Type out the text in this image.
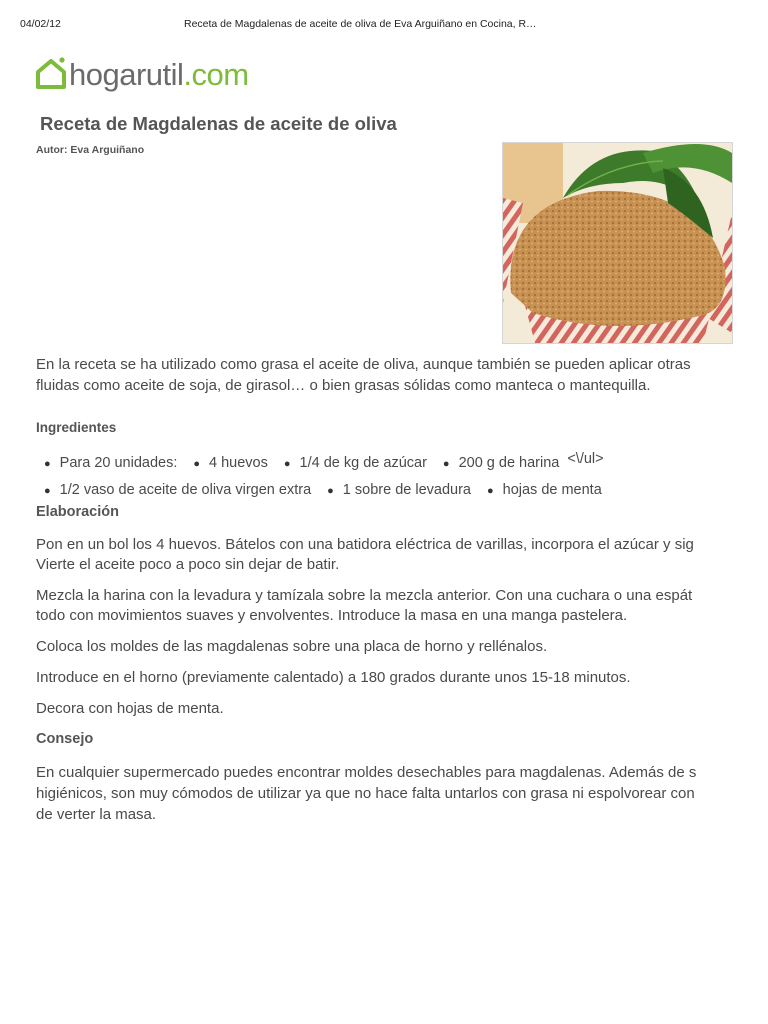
04/02/12	Receta de Magdalenas de aceite de oliva de Eva Arguiñano en Cocina, R…
hogarutil.com
Receta de Magdalenas de aceite de oliva
Autor: Eva Arguiñano

En la receta se ha utilizado como grasa el aceite de oliva, aunque también se pueden aplicar otras

fluidas como aceite de soja, de girasol… o bien grasas sólidas como manteca o mantequilla.

Ingredientes
● Para 20 unidades: ● 4 huevos ● 1/4 de kg de azúcar ● 200 g de harina <\/ul>
● 1/2 vaso de aceite de oliva virgen extra ● 1 sobre de levadura ● hojas de menta
Elaboración

Pon en un bol los 4 huevos. Bátelos con una batidora eléctrica de varillas, incorpora el azúcar y sig
Vierte el aceite poco a poco sin dejar de batir.

Mezcla la harina con la levadura y tamízala sobre la mezcla anterior. Con una cuchara o una espát
todo con movimientos suaves y envolventes. Introduce la masa en una manga pastelera.

Coloca los moldes de las magdalenas sobre una placa de horno y rellénalos.

Introduce en el horno (previamente calentado) a 180 grados durante unos 15-18 minutos.

Decora con hojas de menta.

Consejo

En cualquier supermercado puedes encontrar moldes desechables para magdalenas. Además de s

higiénicos, son muy cómodos de utilizar ya que no hace falta untarlos con grasa ni espolvorear con

de verter la masa.
